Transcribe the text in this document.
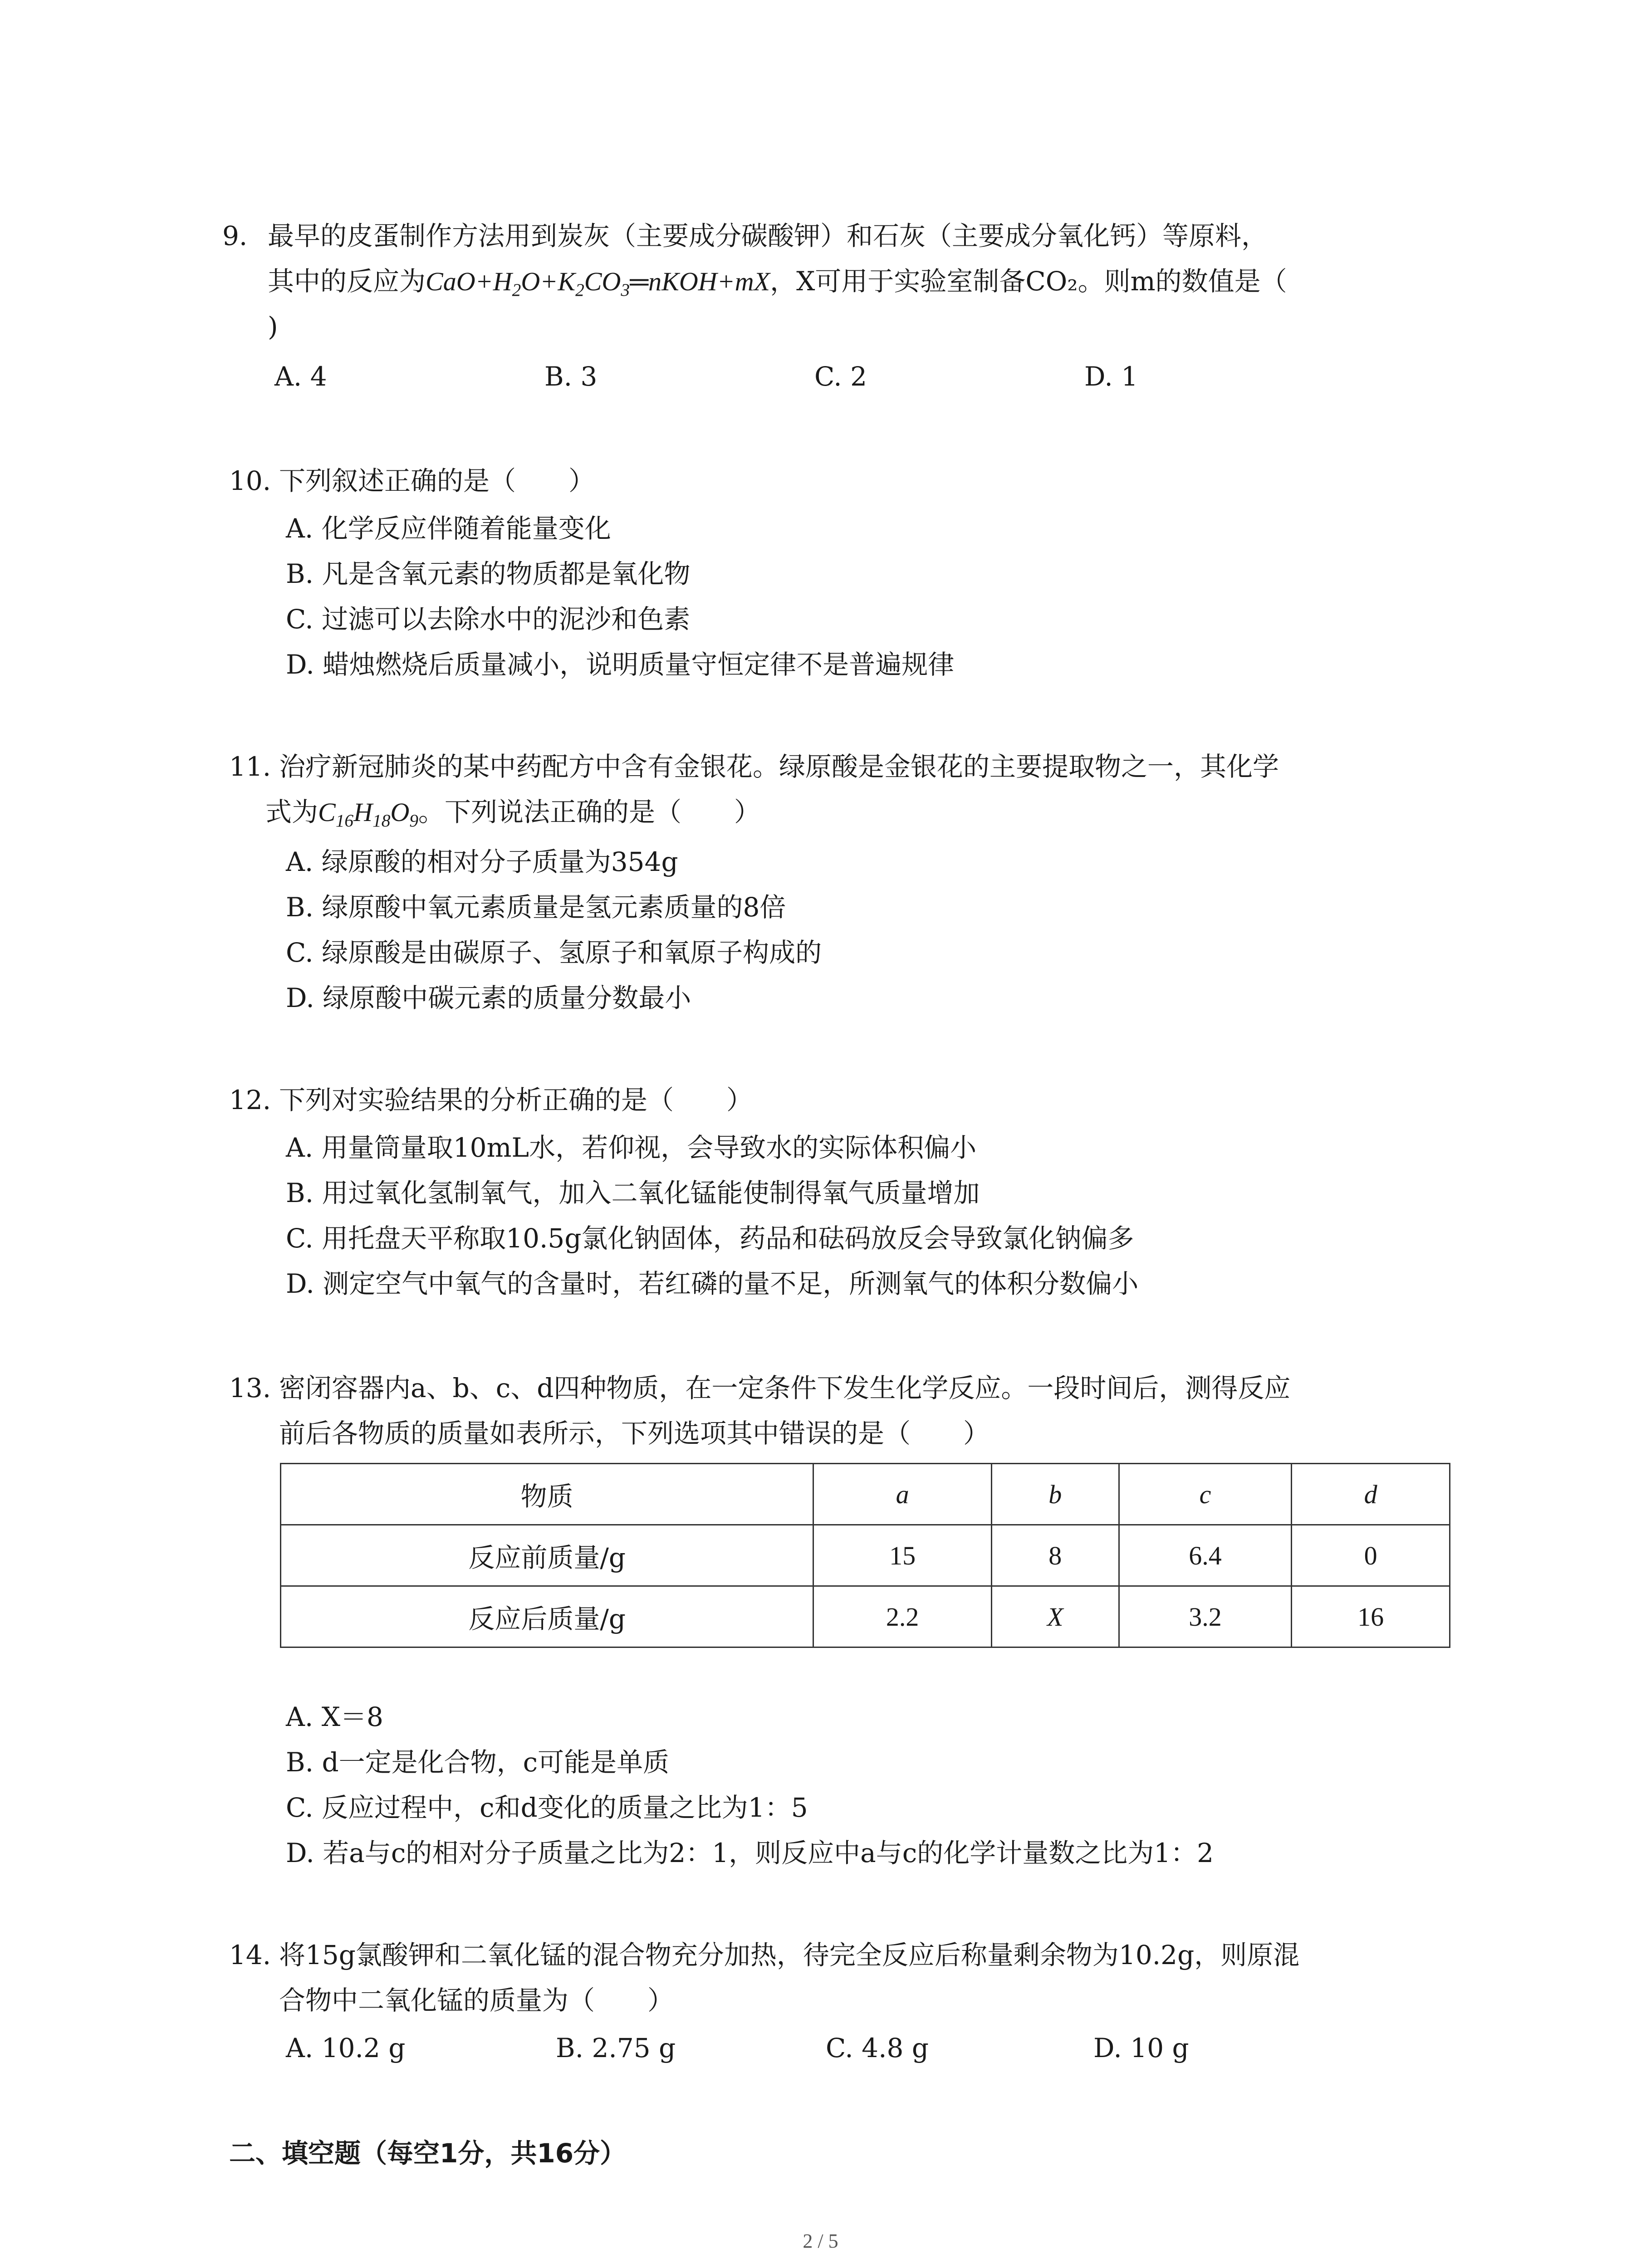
9. 最早的皮蛋制作方法用到炭灰（主要成分碳酸钾）和石灰（主要成分氧化钙）等原料，
其中的反应为$CaO+H_2O+K_2CO_3═nKOH+mX$，X可用于实验室制备CO₂。则m的数值是（
)
A. 4	B. 3	C. 2	D. 1
10. 下列叙述正确的是（　　）
A. 化学反应伴随着能量变化
B. 凡是含氧元素的物质都是氧化物
C. 过滤可以去除水中的泥沙和色素
D. 蜡烛燃烧后质量减小，说明质量守恒定律不是普遍规律
11. 治疗新冠肺炎的某中药配方中含有金银花。绿原酸是金银花的主要提取物之一，其化学
式为$C_{16}H_{18}O_9$。下列说法正确的是（　　）
A. 绿原酸的相对分子质量为354g
B. 绿原酸中氧元素质量是氢元素质量的8倍
C. 绿原酸是由碳原子、氢原子和氧原子构成的
D. 绿原酸中碳元素的质量分数最小
12. 下列对实验结果的分析正确的是（　　）
A. 用量筒量取10mL水，若仰视，会导致水的实际体积偏小
B. 用过氧化氢制氧气，加入二氧化锰能使制得氧气质量增加
C. 用托盘天平称取10.5g氯化钠固体，药品和砝码放反会导致氯化钠偏多
D. 测定空气中氧气的含量时，若红磷的量不足，所测氧气的体积分数偏小
13. 密闭容器内a、b、c、d四种物质，在一定条件下发生化学反应。一段时间后，测得反应
前后各物质的质量如表所示，下列选项其中错误的是（　　）
物质	a	b	c	d
反应前质量/g	15	8	6.4	0
反应后质量/g	2.2	X	3.2	16
A. X＝8
B. d一定是化合物，c可能是单质
C. 反应过程中，c和d变化的质量之比为1：5
D. 若a与c的相对分子质量之比为2：1，则反应中a与c的化学计量数之比为1：2
14. 将15g氯酸钾和二氧化锰的混合物充分加热，待完全反应后称量剩余物为10.2g，则原混
合物中二氧化锰的质量为（　　）
A. 10.2 g	B. 2.75 g	C. 4.8 g	D. 10 g
二、填空题（每空1分，共16分）
2 / 5
